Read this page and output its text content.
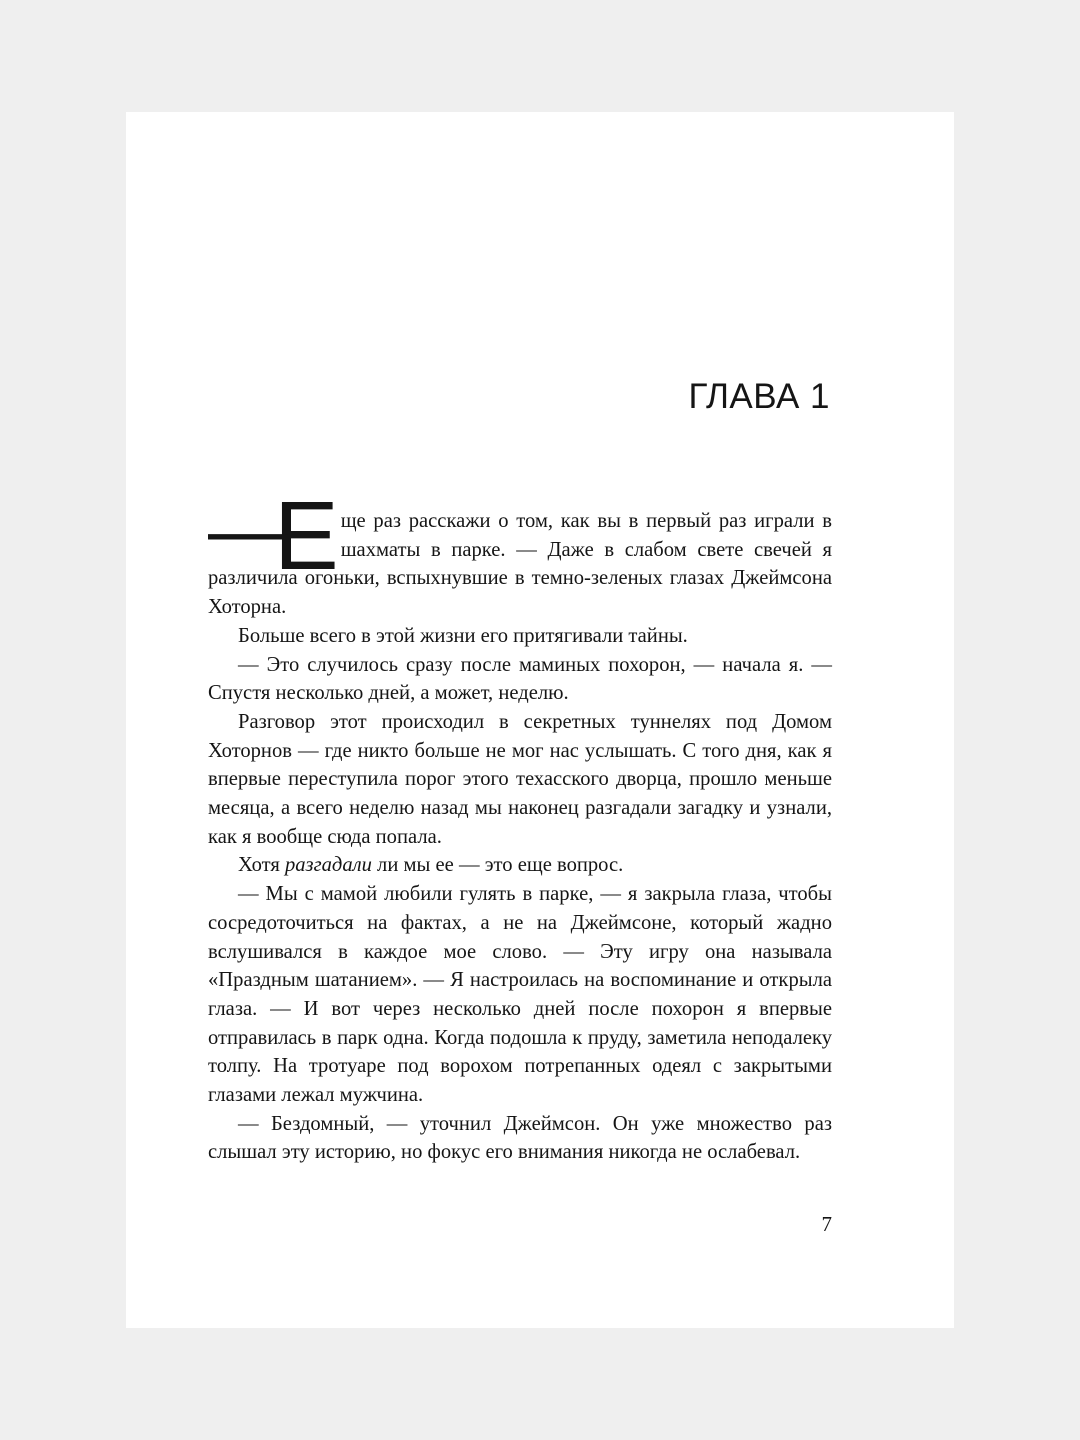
ГЛАВА 1

—
Е ще раз расскажи о том, как вы в первый раз играли в шахматы в парке. — Даже в слабом свете свечей я различила огоньки, вспыхнувшие в темно-зеленых глазах Джеймсона Хоторна.

Больше всего в этой жизни его притягивали тайны.

— Это случилось сразу после маминых похорон, — начала я. — Спустя несколько дней, а может, неделю.

Разговор этот происходил в секретных туннелях под Домом Хоторнов — где никто больше не мог нас услышать. С того дня, как я впервые переступила порог этого техасского дворца, прошло меньше месяца, а всего неделю назад мы наконец разгадали загадку и узнали, как я вообще сюда попала.

Хотя разгадали ли мы ее — это еще вопрос.

— Мы с мамой любили гулять в парке, — я закрыла глаза, чтобы сосредоточиться на фактах, а не на Джеймсоне, который жадно вслушивался в каждое мое слово. — Эту игру она называла «Праздным шатанием». — Я настроилась на воспоминание и открыла глаза. — И вот через несколько дней после похорон я впервые отправилась в парк одна. Когда подошла к пруду, заметила неподалеку толпу. На тротуаре под ворохом потрепанных одеял с закрытыми глазами лежал мужчина.

— Бездомный, — уточнил Джеймсон. Он уже множество раз слышал эту историю, но фокус его внимания никогда не ослабевал.

7
